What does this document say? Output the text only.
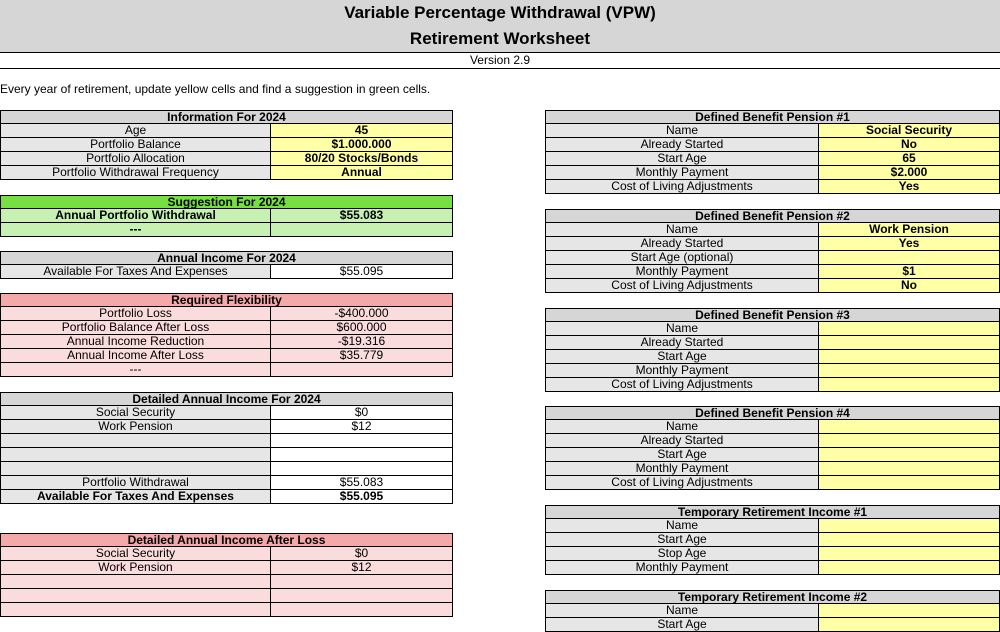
Variable Percentage Withdrawal (VPW)
Retirement Worksheet
Version 2.9
Every year of retirement, update yellow cells and find a suggestion in green cells.
Information For 2024
Age	45
Portfolio Balance	$1.000.000
Portfolio Allocation	80/20 Stocks/Bonds
Portfolio Withdrawal Frequency	Annual
Suggestion For 2024
Annual Portfolio Withdrawal	$55.083
---
Annual Income For 2024
Available For Taxes And Expenses	$55.095
Required Flexibility
Portfolio Loss	-$400.000
Portfolio Balance After Loss	$600.000
Annual Income Reduction	-$19.316
Annual Income After Loss	$35.779
---
Detailed Annual Income For 2024
Social Security	$0
Work Pension	$12
Portfolio Withdrawal	$55.083
Available For Taxes And Expenses	$55.095
Detailed Annual Income After Loss
Social Security	$0
Work Pension	$12
Defined Benefit Pension #1
Name	Social Security
Already Started	No
Start Age	65
Monthly Payment	$2.000
Cost of Living Adjustments	Yes
Defined Benefit Pension #2
Name	Work Pension
Already Started	Yes
Start Age (optional)
Monthly Payment	$1
Cost of Living Adjustments	No
Defined Benefit Pension #3
Name
Already Started
Start Age
Monthly Payment
Cost of Living Adjustments
Defined Benefit Pension #4
Name
Already Started
Start Age
Monthly Payment
Cost of Living Adjustments
Temporary Retirement Income #1
Name
Start Age
Stop Age
Monthly Payment
Temporary Retirement Income #2
Name
Start Age
